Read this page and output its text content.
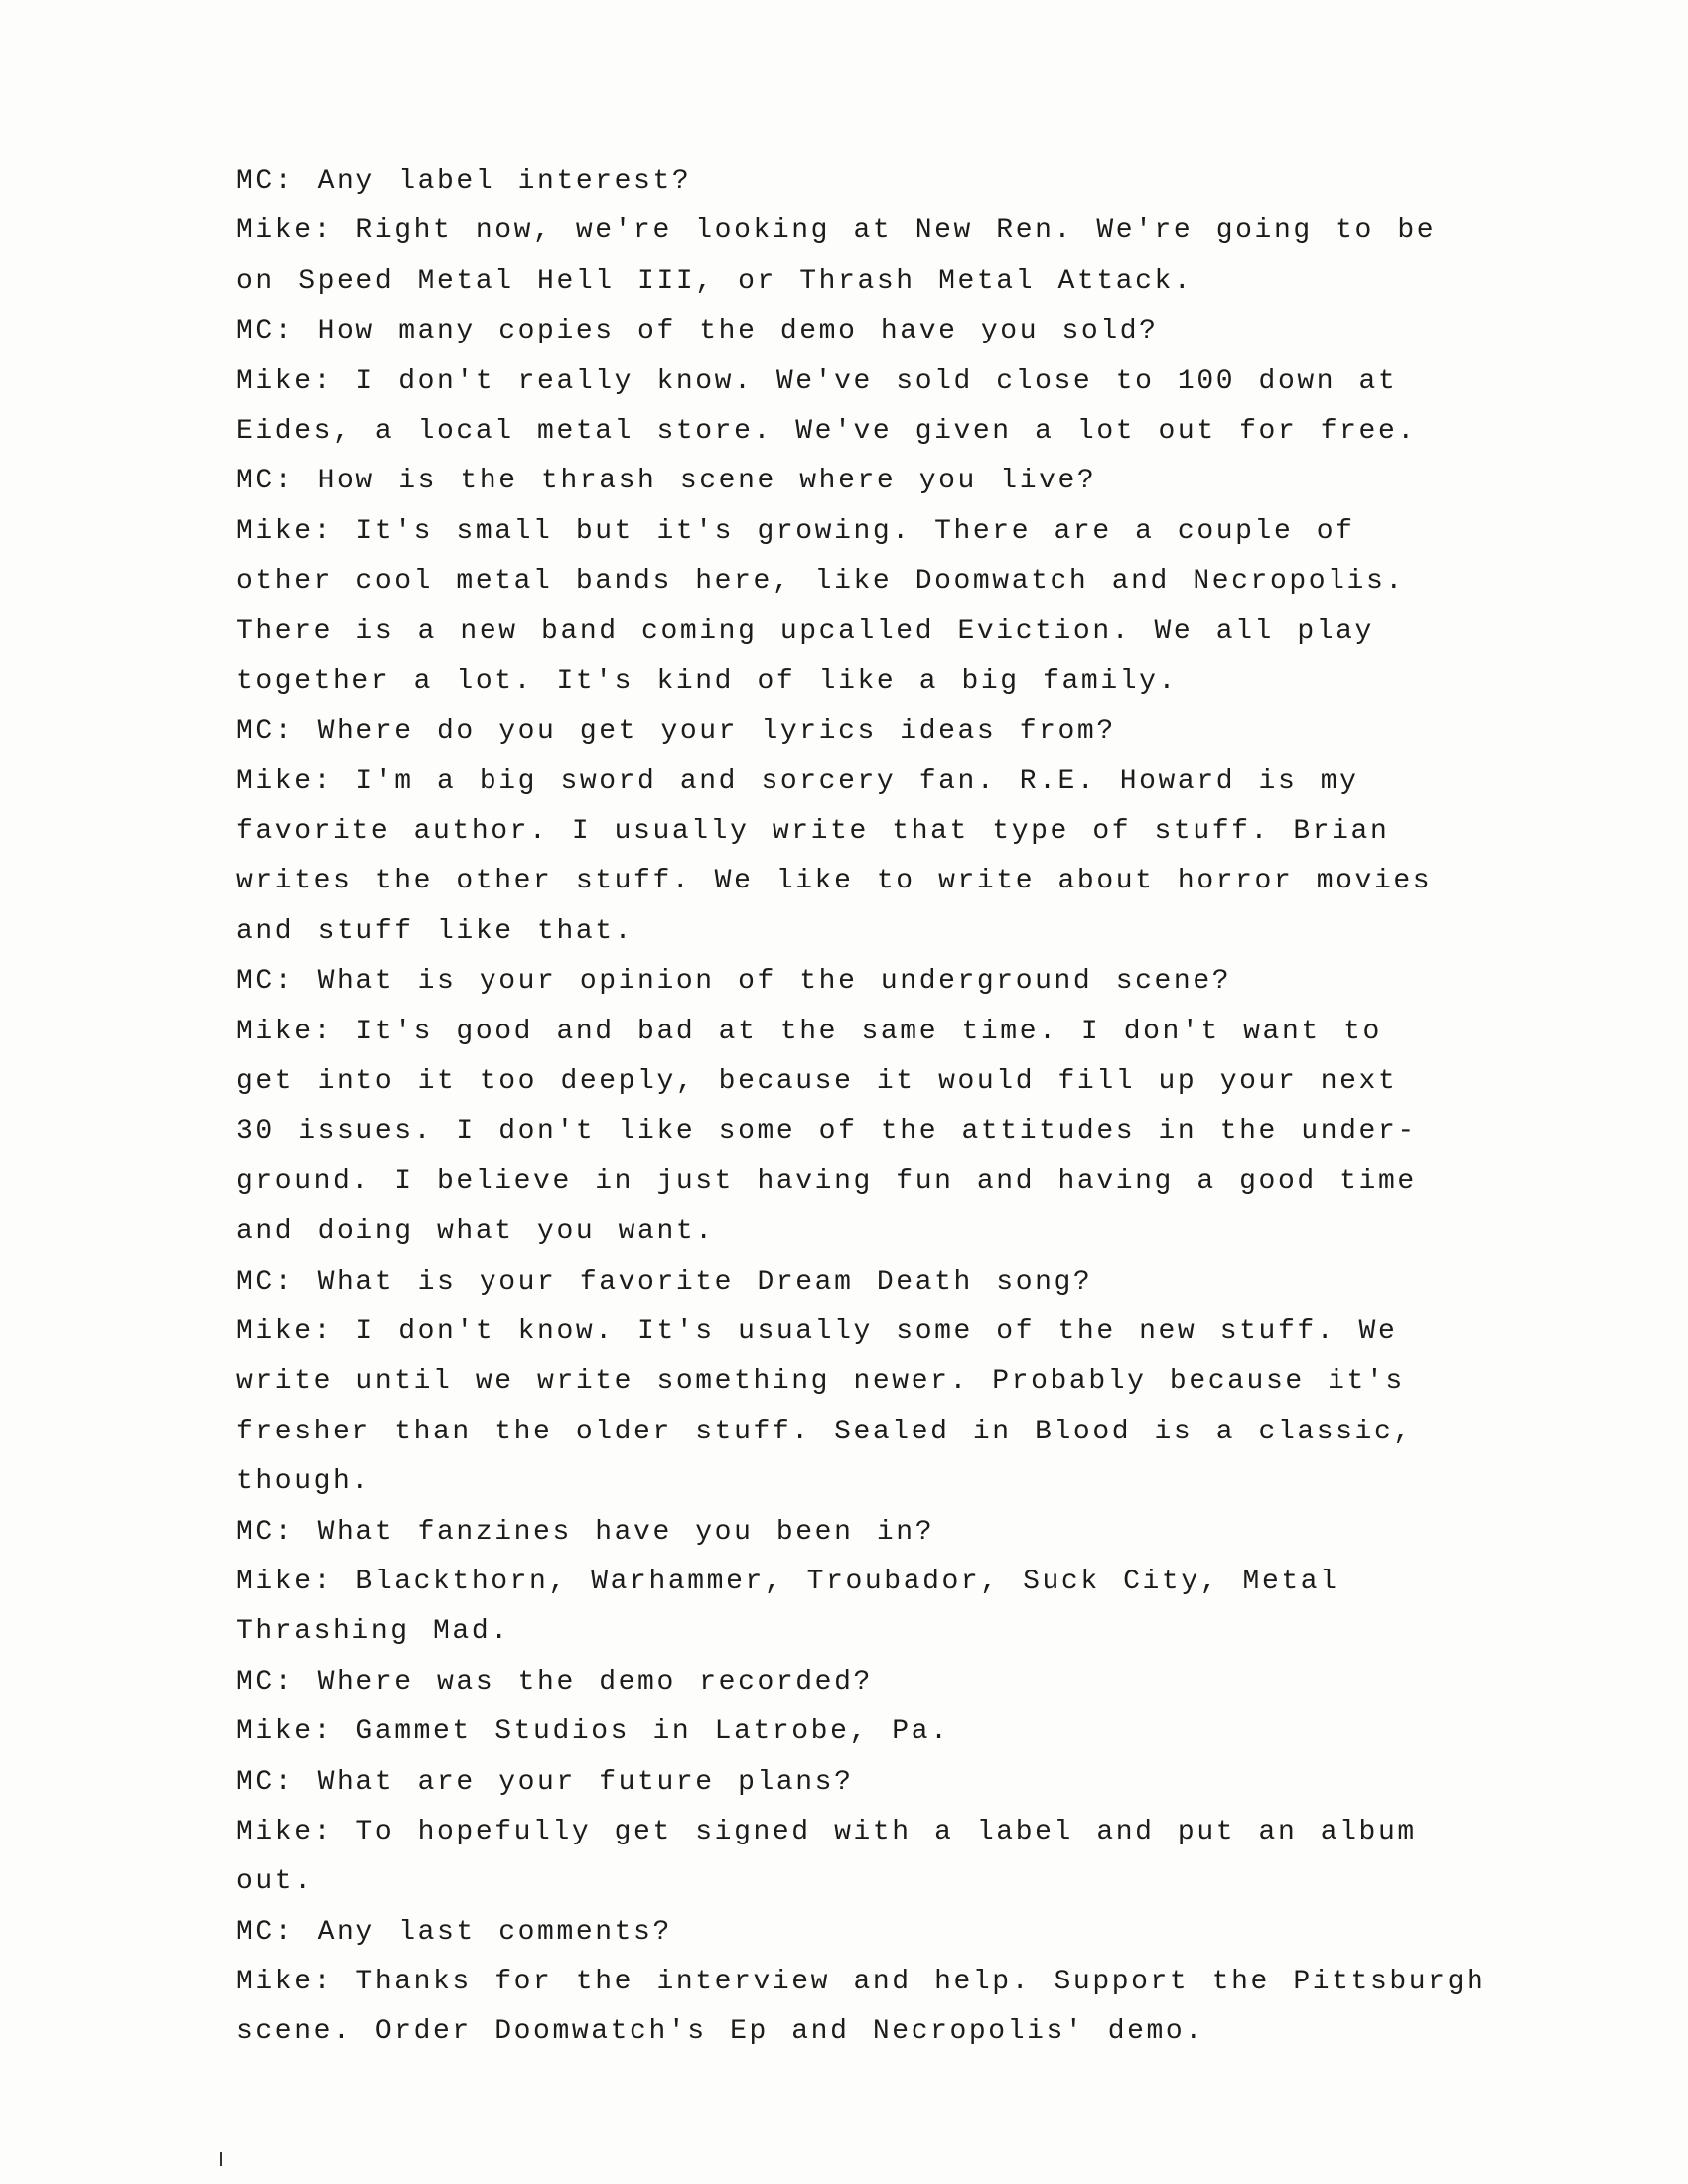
MC: Any label interest?
Mike: Right now, we're looking at New Ren. We're going to be
on Speed Metal Hell III, or Thrash Metal Attack.
MC: How many copies of the demo have you sold?
Mike: I don't really know. We've sold close to 100 down at
Eides, a local metal store. We've given a lot out for free.
MC: How is the thrash scene where you live?
Mike: It's small but it's growing. There are a couple of
other cool metal bands here, like Doomwatch and Necropolis.
There is a new band coming upcalled Eviction. We all play
together a lot. It's kind of like a big family.
MC: Where do you get your lyrics ideas from?
Mike: I'm a big sword and sorcery fan. R.E. Howard is my
favorite author. I usually write that type of stuff. Brian
writes the other stuff. We like to write about horror movies
and stuff like that.
MC: What is your opinion of the underground scene?
Mike: It's good and bad at the same time. I don't want to
get into it too deeply, because it would fill up your next
30 issues. I don't like some of the attitudes in the under-
ground. I believe in just having fun and having a good time
and doing what you want.
MC: What is your favorite Dream Death song?
Mike: I don't know. It's usually some of the new stuff. We
write until we write something newer. Probably because it's
fresher than the older stuff. Sealed in Blood is a classic,
though.
MC: What fanzines have you been in?
Mike: Blackthorn, Warhammer, Troubador, Suck City, Metal
Thrashing Mad.
MC: Where was the demo recorded?
Mike: Gammet Studios in Latrobe, Pa.
MC: What are your future plans?
Mike: To hopefully get signed with a label and put an album
out.
MC: Any last comments?
Mike: Thanks for the interview and help. Support the Pittsburgh
scene. Order Doomwatch's Ep and Necropolis' demo.
